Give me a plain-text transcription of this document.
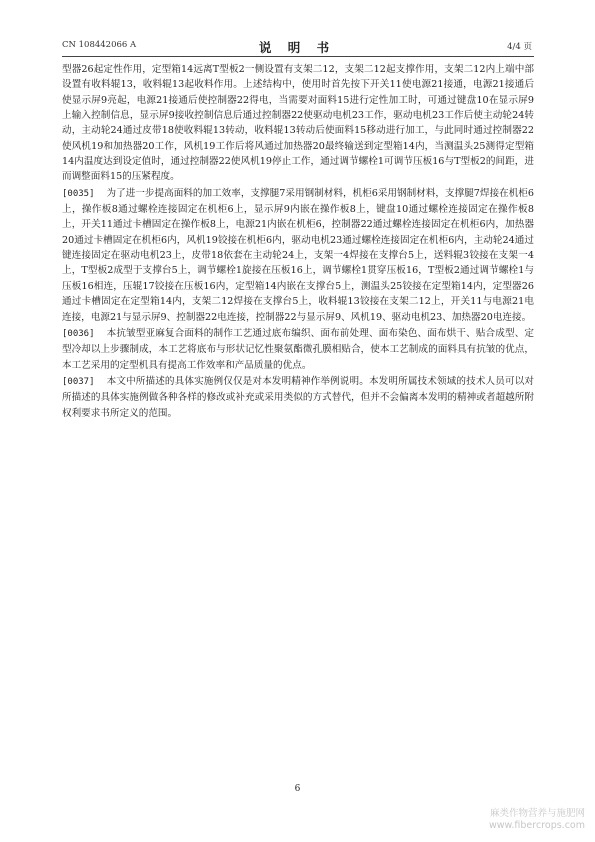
CN 108442066 A	说 明 书	4/4 页

型器26起定性作用，定型箱14远离T型板2一侧设置有支架二12，支架二12起支撑作用，支架二12内上端中部设置有收料辊13，收料辊13起收料作用。上述结构中，使用时首先按下开关11使电源21接通，电源21接通后使显示屏9亮起，电源21接通后使控制器22得电，当需要对面料15进行定性加工时，可通过键盘10在显示屏9上输入控制信息，显示屏9接收控制信息后通过控制器22使驱动电机23工作，驱动电机23工作后使主动轮24转动，主动轮24通过皮带18使收料辊13转动，收料辊13转动后使面料15移动进行加工，与此同时通过控制器22使风机19和加热器20工作，风机19工作后将风通过加热器20最终输送到定型箱14内，当测温头25测得定型箱14内温度达到设定值时，通过控制器22使风机19停止工作，通过调节螺栓1可调节压板16与T型板2的间距，进而调整面料15的压紧程度。

[0035] 为了进一步提高面料的加工效率，支撑腿7采用钢制材料，机柜6采用钢制材料，支撑腿7焊接在机柜6上，操作板8通过螺栓连接固定在机柜6上，显示屏9内嵌在操作板8上，键盘10通过螺栓连接固定在操作板8上，开关11通过卡槽固定在操作板8上，电源21内嵌在机柜6，控制器22通过螺栓连接固定在机柜6内，加热器20通过卡槽固定在机柜6内，风机19铰接在机柜6内，驱动电机23通过螺栓连接固定在机柜6内，主动轮24通过键连接固定在驱动电机23上，皮带18依套在主动轮24上，支架一4焊接在支撑台5上，送料辊3铰接在支架一4上，T型板2成型于支撑台5上，调节螺栓1旋接在压板16上，调节螺栓1贯穿压板16，T型板2通过调节螺栓1与压板16相连，压辊17铰接在压板16内，定型箱14内嵌在支撑台5上，测温头25铰接在定型箱14内，定型器26通过卡槽固定在定型箱14内，支架二12焊接在支撑台5上，收料辊13铰接在支架二12上，开关11与电源21电连接，电源21与显示屏9、控制器22电连接，控制器22与显示屏9、风机19、驱动电机23、加热器20电连接。

[0036] 本抗皱型亚麻复合面料的制作工艺通过底布编织、面布前处理、面布染色、面布烘干、贴合成型、定型冷却以上步骤制成，本工艺将底布与形状记忆性聚氨酯微孔膜相贴合，使本工艺制成的面料具有抗皱的优点，本工艺采用的定型机具有提高工作效率和产品质量的优点。

[0037] 本文中所描述的具体实施例仅仅是对本发明精神作举例说明。本发明所属技术领域的技术人员可以对所描述的具体实施例做各种各样的修改或补充或采用类似的方式替代，但并不会偏离本发明的精神或者超越所附权利要求书所定义的范围。

6
麻类作物营养与施肥网
www.fibercrops.com
